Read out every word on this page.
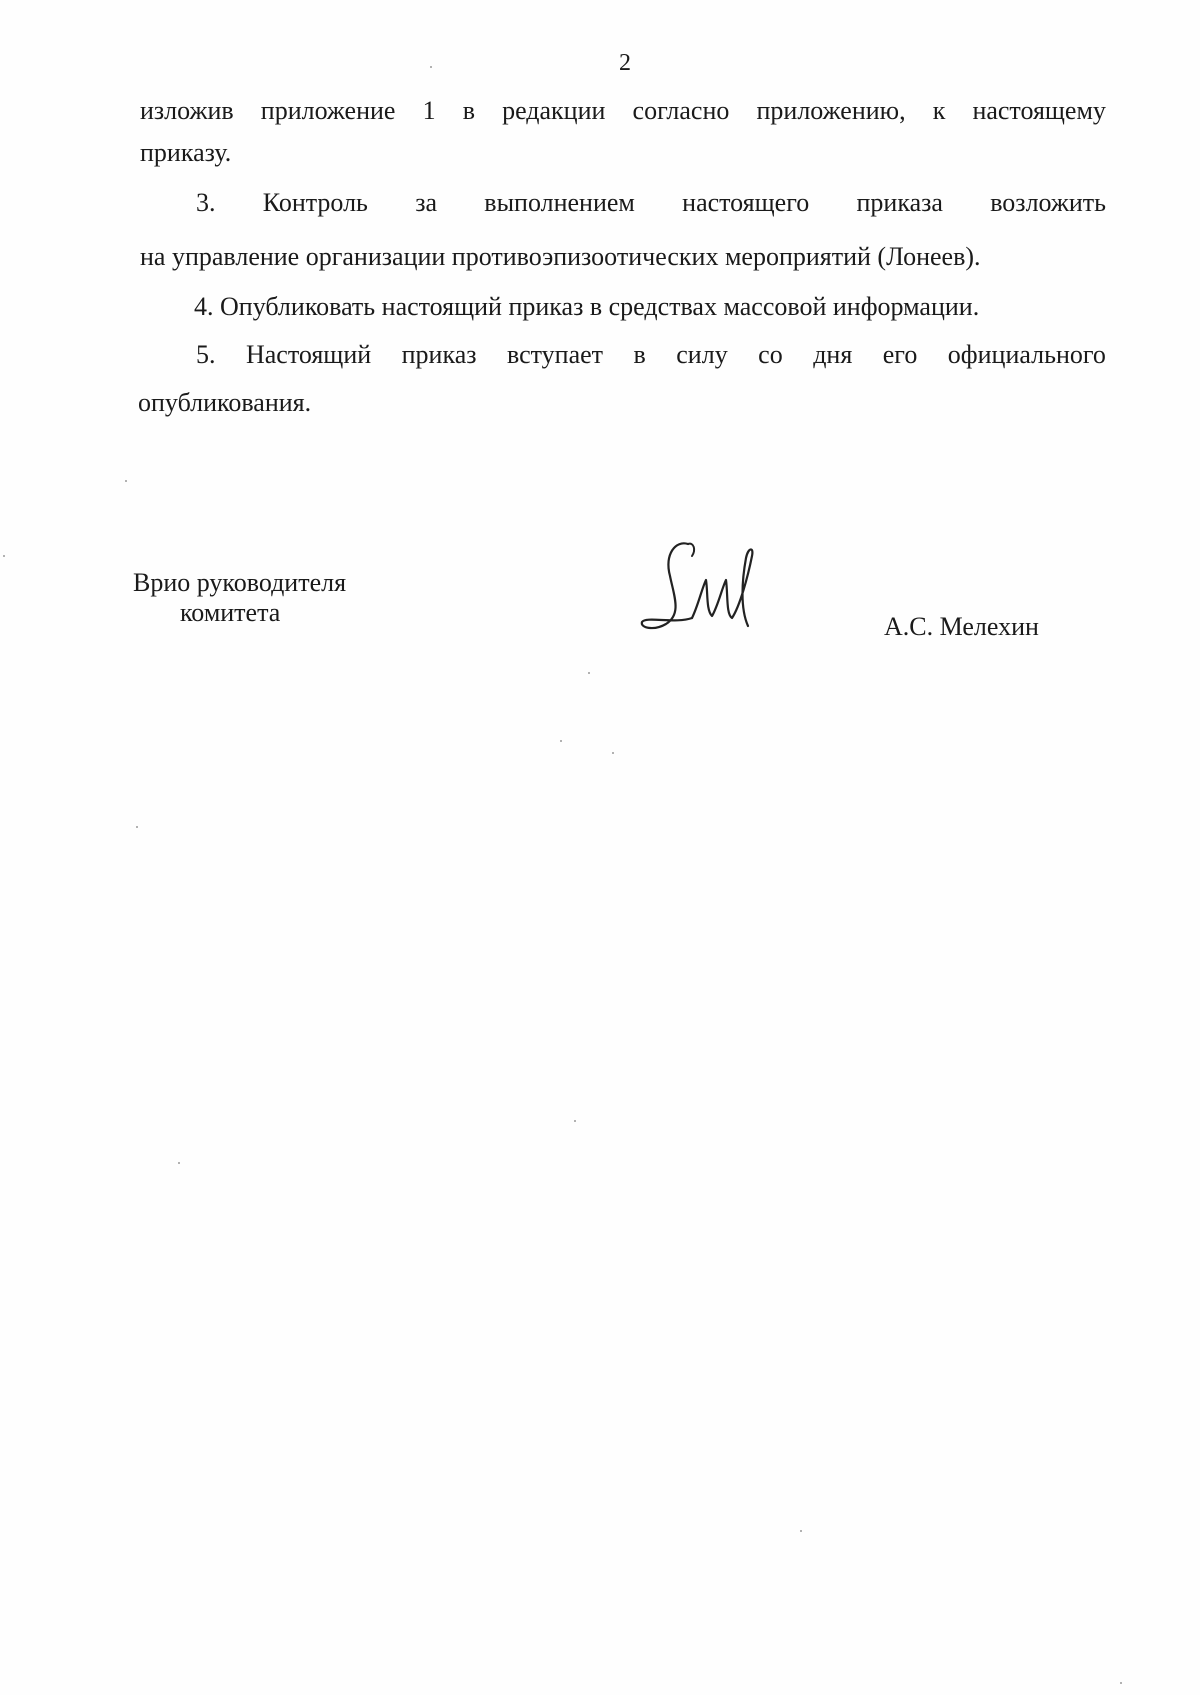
2
изложив приложение 1 в редакции согласно приложению, к настоящему
приказу.
3. Контроль за выполнением настоящего приказа возложить
на управление организации противоэпизоотических мероприятий (Лонеев).
4. Опубликовать настоящий приказ в средствах массовой информации.
5. Настоящий приказ вступает в силу со дня его официального
опубликования.
Врио руководителя
комитета	А.С. Мелехин
